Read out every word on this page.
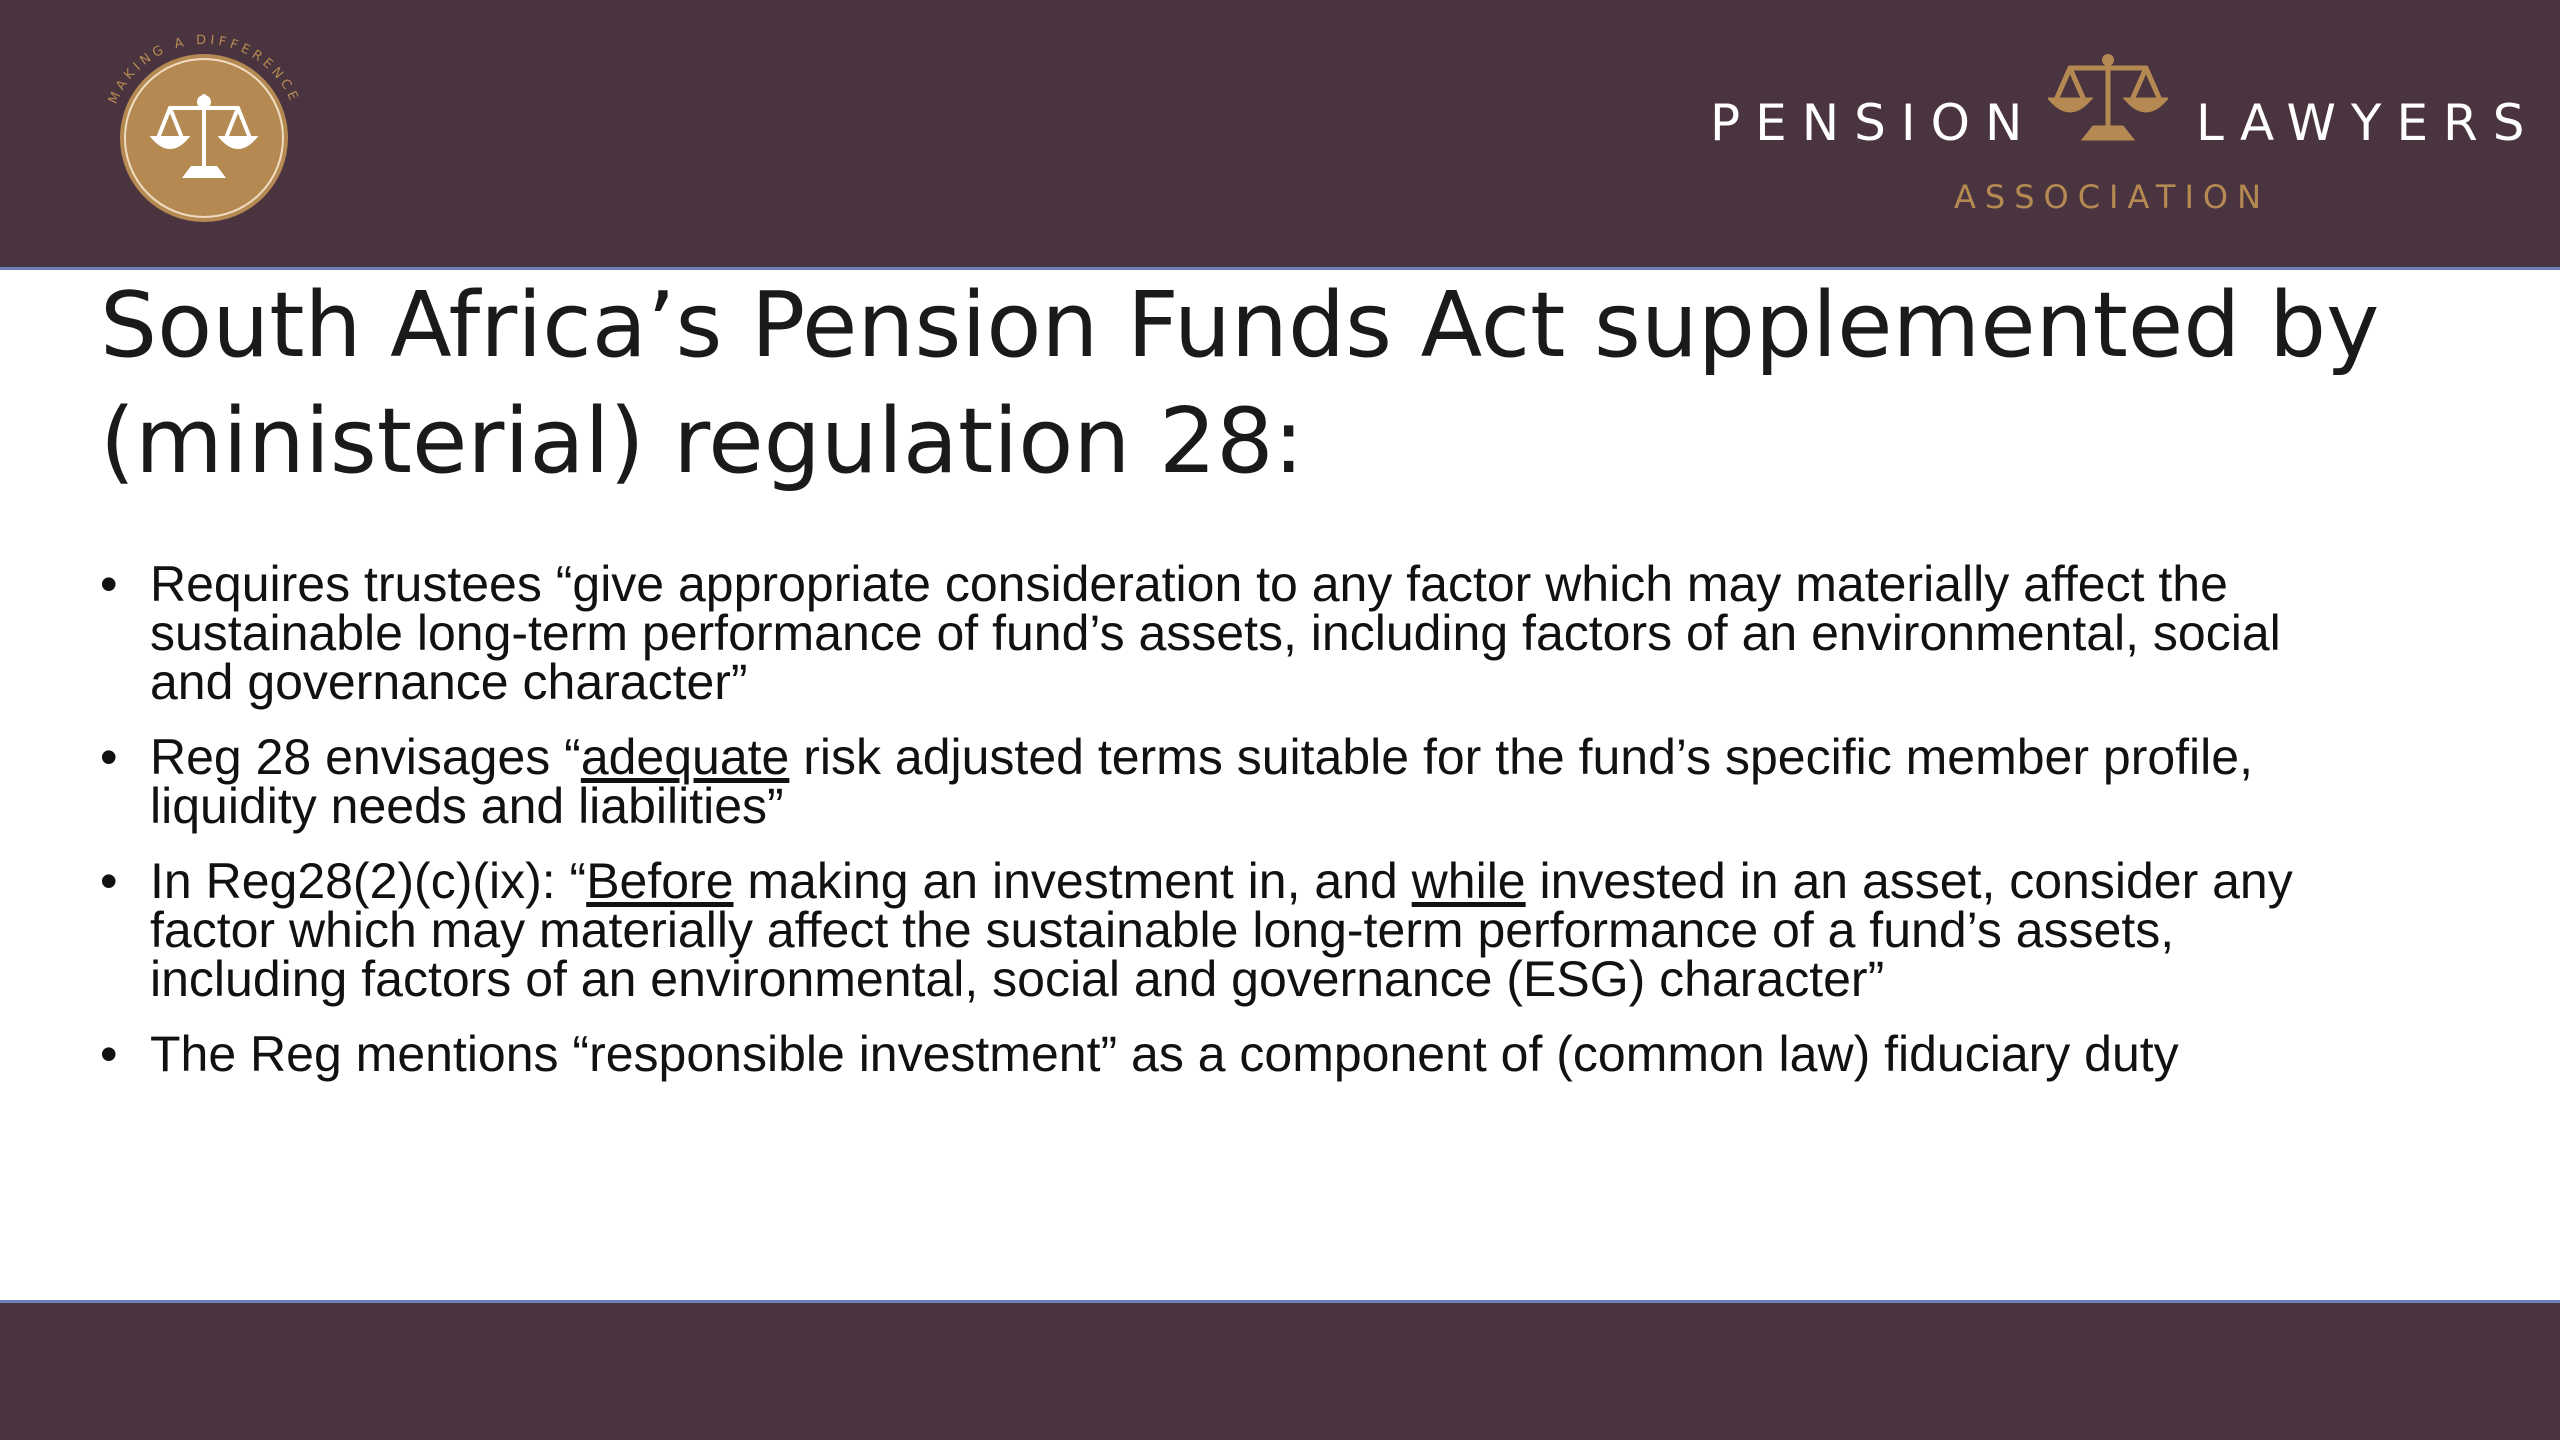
MAKING A DIFFERENCE	PENSION	LAWYERS
ASSOCIATION
South Africa’s Pension Funds Act supplemented by (ministerial) regulation 28:
• Requires trustees “give appropriate consideration to any factor which may materially affect the sustainable long-term performance of fund’s assets, including factors of an environmental, social and governance character”
• Reg 28 envisages “adequate risk adjusted terms suitable for the fund’s specific member profile, liquidity needs and liabilities”
• In Reg28(2)(c)(ix): “Before making an investment in, and while invested in an asset, consider any factor which may materially affect the sustainable long-term performance of a fund’s assets, including factors of an environmental, social and governance (ESG) character”
• The Reg mentions “responsible investment” as a component of (common law) fiduciary duty
